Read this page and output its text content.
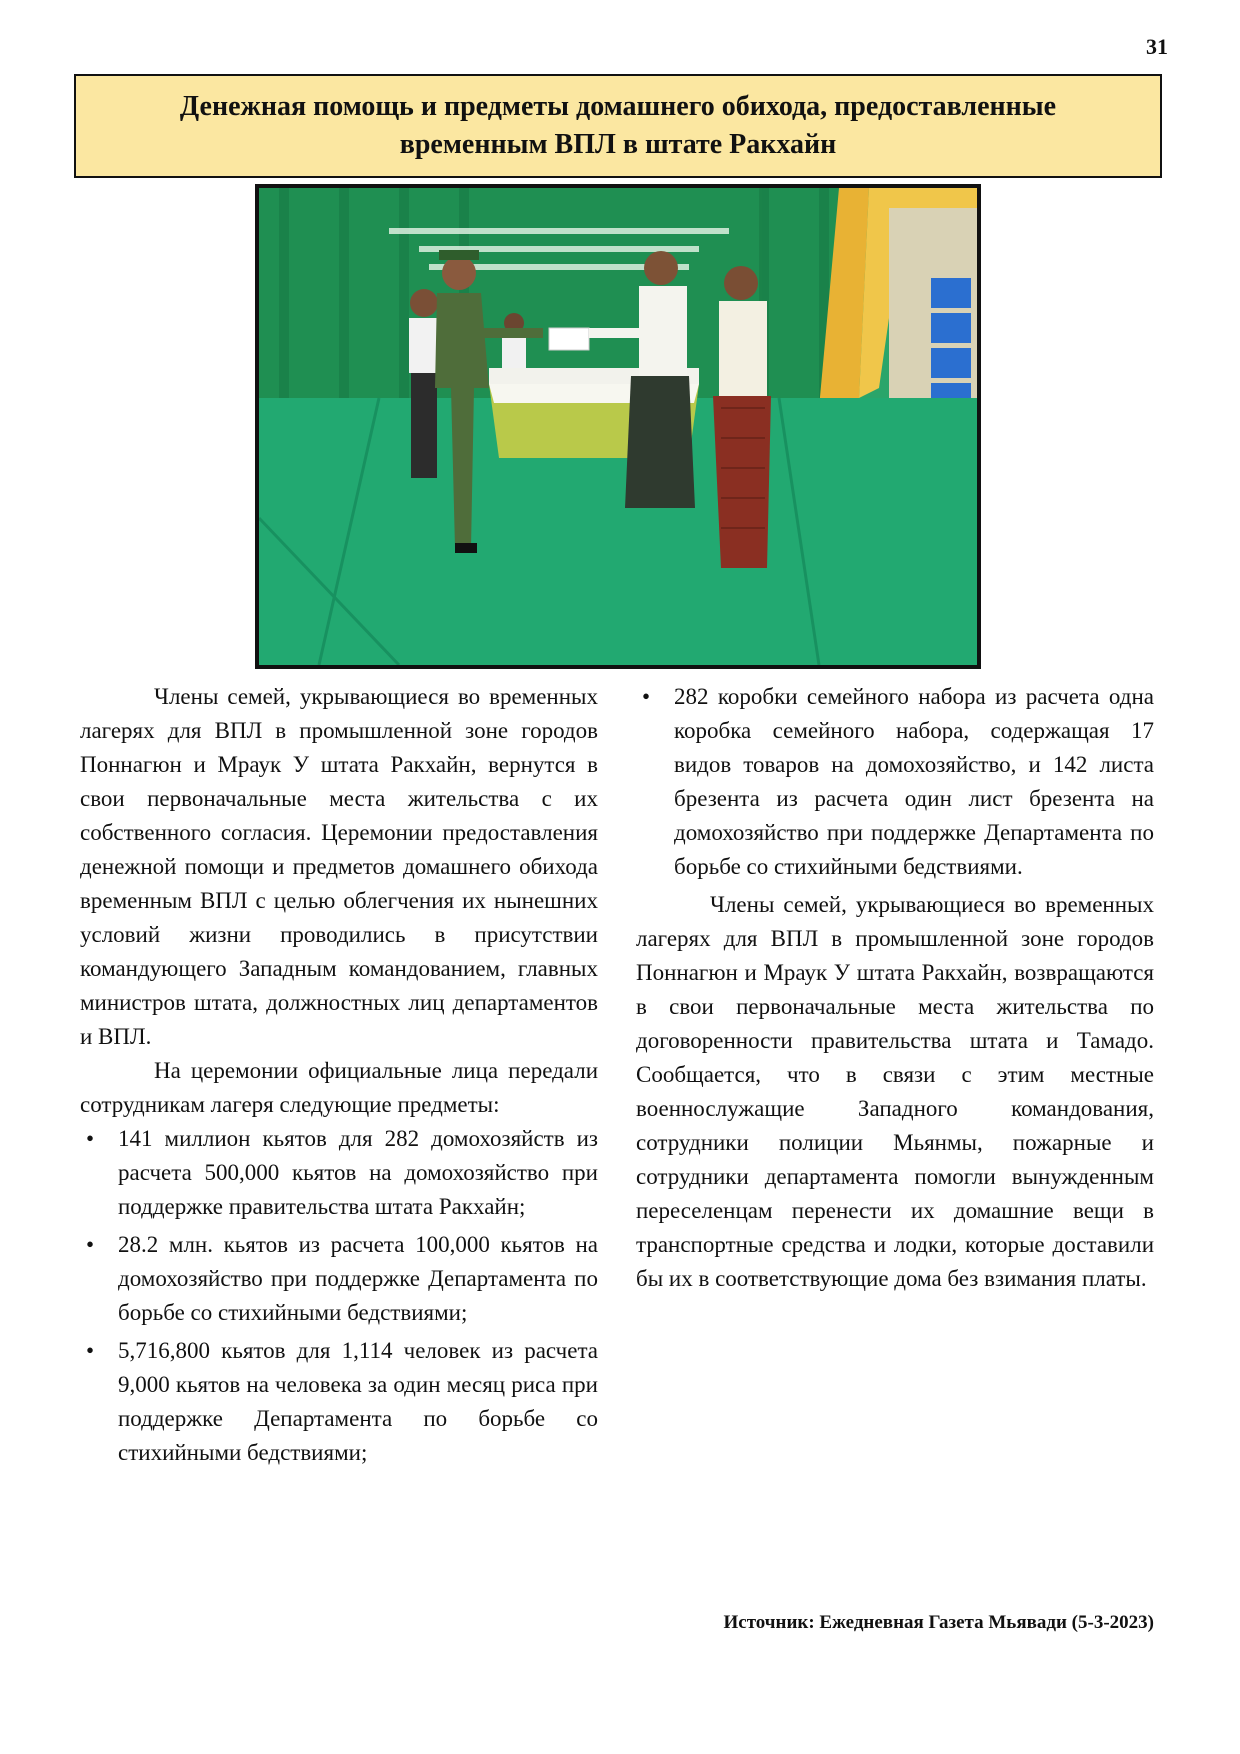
31
Денежная помощь и предметы домашнего обихода, предоставленные временным ВПЛ в штате Ракхайн

Члены семей, укрывающиеся во временных лагерях для ВПЛ в промышленной зоне городов Поннагюн и Мраук У штата Ракхайн, вернутся в свои первоначальные места жительства с их собственного согласия. Церемонии предоставления денежной помощи и предметов домашнего обихода временным ВПЛ с целью облегчения их нынешних условий жизни проводились в присутствии командующего Западным командованием, главных министров штата, должностных лиц департаментов и ВПЛ.

На церемонии официальные лица передали сотрудникам лагеря следующие предметы:

• 141 миллион кьятов для 282 домохозяйств из расчета 500,000 кьятов на домохозяйство при поддержке правительства штата Ракхайн;
• 28.2 млн. кьятов из расчета 100,000 кьятов на домохозяйство при поддержке Департамента по борьбе со стихийными бедствиями;
• 5,716,800 кьятов для 1,114 человек из расчета 9,000 кьятов на человека за один месяц риса при поддержке Департамента по борьбе со стихийными бедствиями;
• 282 коробки семейного набора из расчета одна коробка семейного набора, содержащая 17 видов товаров на домохозяйство, и 142 листа брезента из расчета один лист брезента на домохозяйство при поддержке Департамента по борьбе со стихийными бедствиями.

Члены семей, укрывающиеся во временных лагерях для ВПЛ в промышленной зоне городов Поннагюн и Мраук У штата Ракхайн, возвращаются в свои первоначальные места жительства по договоренности правительства штата и Тамадо. Сообщается, что в связи с этим местные военнослужащие Западного командования, сотрудники полиции Мьянмы, пожарные и сотрудники департамента помогли вынужденным переселенцам перенести их домашние вещи в транспортные средства и лодки, которые доставили бы их в соответствующие дома без взимания платы.

Источник: Ежедневная Газета Мьявади (5-3-2023)
